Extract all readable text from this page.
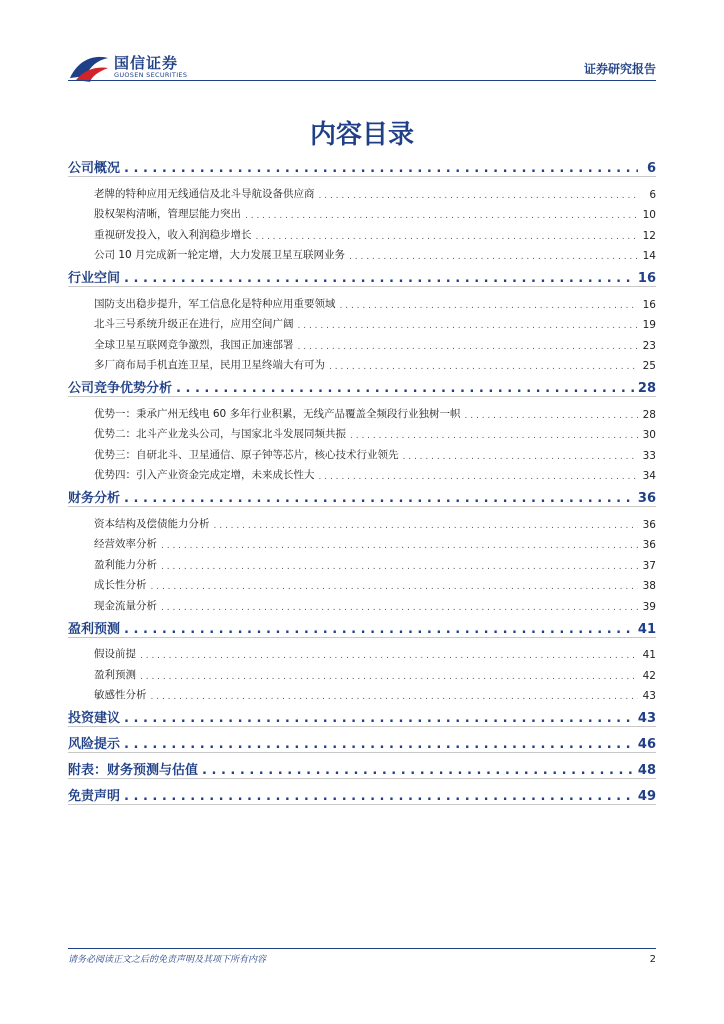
国信证券
GUOSEN SECURITIES	证券研究报告
内容目录
公司概况 . . .	6
老牌的特种应用无线通信及北斗导航设备供应商 . . .	6
股权架构清晰，管理层能力突出 . . .	10
重视研发投入，收入利润稳步增长 . . .	12
公司 10 月完成新一轮定增，大力发展卫星互联网业务 . . .	14
行业空间 . . .	16
国防支出稳步提升，军工信息化是特种应用重要领域 . . .	16
北斗三号系统升级正在进行，应用空间广阔 . . .	19
全球卫星互联网竞争激烈，我国正加速部署 . . .	23
多厂商布局手机直连卫星，民用卫星终端大有可为 . . .	25
公司竞争优势分析 . . .	28
优势一：秉承广州无线电 60 多年行业积累，无线产品覆盖全频段行业独树一帜 . . .	28
优势二：北斗产业龙头公司，与国家北斗发展同频共振 . . .	30
优势三：自研北斗、卫星通信、原子钟等芯片，核心技术行业领先 . . .	33
优势四：引入产业资金完成定增，未来成长性大 . . .	34
财务分析 . . .	36
资本结构及偿债能力分析 . . .	36
经营效率分析 . . .	36
盈利能力分析 . . .	37
成长性分析 . . .	38
现金流量分析 . . .	39
盈利预测 . . .	41
假设前提 . . .	41
盈利预测 . . .	42
敏感性分析 . . .	43
投资建议 . . .	43
风险提示 . . .	46
附表：财务预测与估值 . . .	48
免责声明 . . .	49
请务必阅读正文之后的免责声明及其项下所有内容	2
